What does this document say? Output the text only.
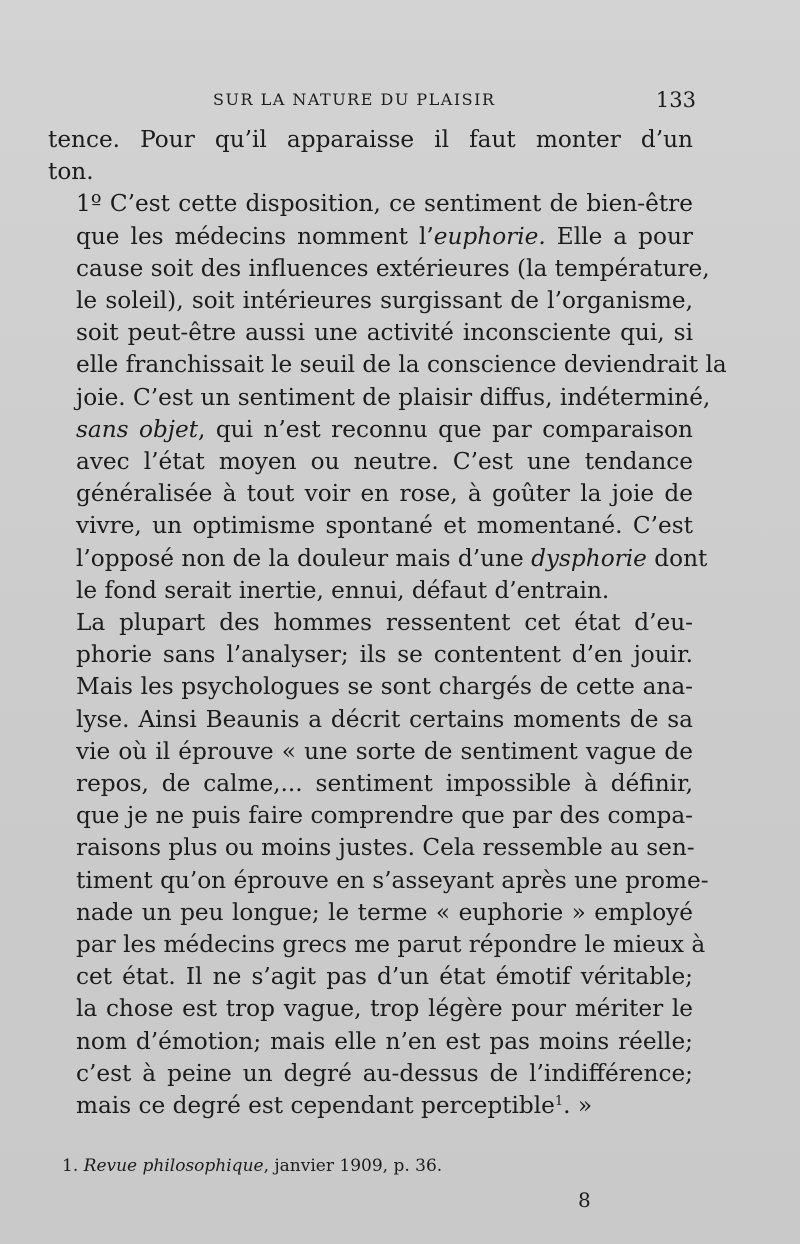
SUR LA NATURE DU PLAISIR	133

tence. Pour qu’il apparaisse il faut monter d’un
ton.

1º C’est cette disposition, ce sentiment de bien-être
que les médecins nomment l’euphorie. Elle a pour
cause soit des influences extérieures (la température,
le soleil), soit intérieures surgissant de l’organisme,
soit peut-être aussi une activité inconsciente qui, si
elle franchissait le seuil de la conscience deviendrait la
joie. C’est un sentiment de plaisir diffus, indéterminé,
sans objet, qui n’est reconnu que par comparaison
avec l’état moyen ou neutre. C’est une tendance
généralisée à tout voir en rose, à goûter la joie de
vivre, un optimisme spontané et momentané. C’est
l’opposé non de la douleur mais d’une dysphorie dont
le fond serait inertie, ennui, défaut d’entrain.

La plupart des hommes ressentent cet état d’eu-
phorie sans l’analyser; ils se contentent d’en jouir.
Mais les psychologues se sont chargés de cette ana-
lyse. Ainsi Beaunis a décrit certains moments de sa
vie où il éprouve « une sorte de sentiment vague de
repos, de calme,... sentiment impossible à définir,
que je ne puis faire comprendre que par des compa-
raisons plus ou moins justes. Cela ressemble au sen-
timent qu’on éprouve en s’asseyant après une prome-
nade un peu longue; le terme « euphorie » employé
par les médecins grecs me parut répondre le mieux à
cet état. Il ne s’agit pas d’un état émotif véritable;
la chose est trop vague, trop légère pour mériter le
nom d’émotion; mais elle n’en est pas moins réelle;
c’est à peine un degré au-dessus de l’indifférence;
mais ce degré est cependant perceptible$^1$. »

1. Revue philosophique, janvier 1909, p. 36.
8
